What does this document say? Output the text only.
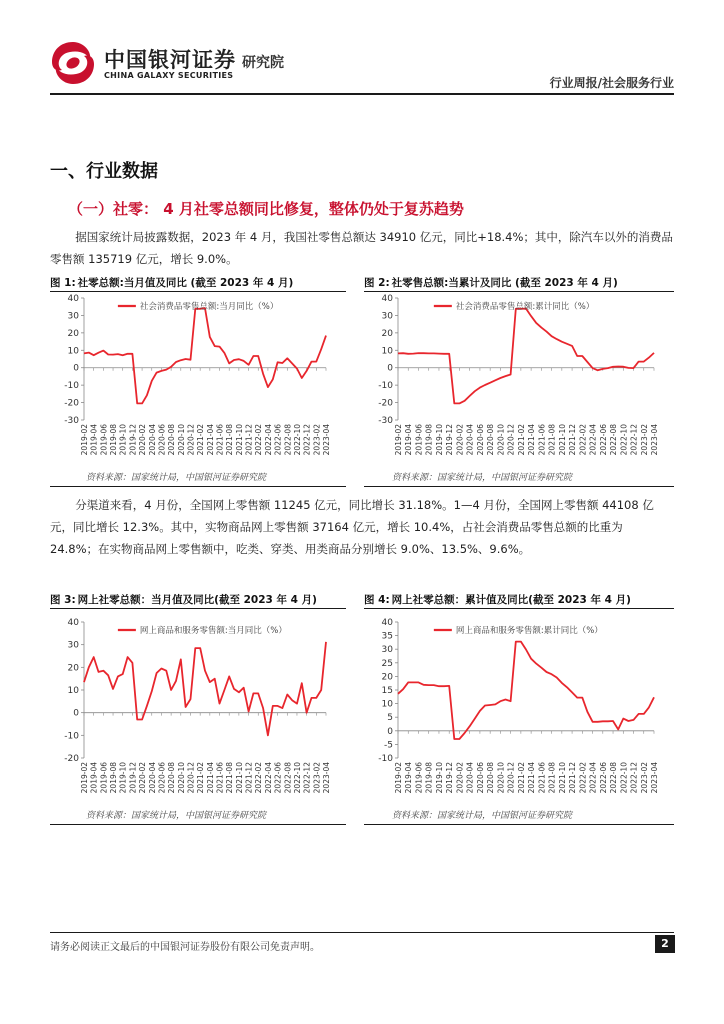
中国银河证券
CHINA GALAXY SECURITIES
研究院
行业周报/社会服务行业
一、行业数据
（一）社零： 4 月社零总额同比修复，整体仍处于复苏趋势

据国家统计局披露数据，2023 年 4 月，我国社零售总额达 34910 亿元，同比+18.4%；其中，除汽车以外的消费品零售额 135719 亿元，增长 9.0%。

图 1: 社零总额:当月值及同比 (截至 2023 年 4 月)
-30
-20
-10
0
10
20
30
40
2019-02 2019-04 2019-06 2019-08 2019-10 2019-12 2020-02 2020-04 2020-06 2020-08 2020-10 2020-12 2021-02 2021-04 2021-06 2021-08 2021-10 2021-12 2022-02 2022-04 2022-06 2022-08 2022-10 2022-12 2023-02 2023-04
社会消费品零售总额:当月同比（%）
资料来源：国家统计局，中国银河证券研究院
图 2: 社零售总额:当累计及同比 (截至 2023 年 4 月)
-30
-20
-10
0
10
20
30
40
2019-02 2019-04 2019-06 2019-08 2019-10 2019-12 2020-02 2020-04 2020-06 2020-08 2020-10 2020-12 2021-02 2021-04 2021-06 2021-08 2021-10 2021-12 2022-02 2022-04 2022-06 2022-08 2022-10 2022-12 2023-02 2023-04
社会消费品零售总额:累计同比（%）
资料来源：国家统计局，中国银河证券研究院

分渠道来看，4 月份，全国网上零售额 11245 亿元，同比增长 31.18%。1—4 月份，全国网上零售额 44108 亿元，同比增长 12.3%。其中，实物商品网上零售额 37164 亿元，增长 10.4%，占社会消费品零售总额的比重为 24.8%；在实物商品网上零售额中，吃类、穿类、用类商品分别增长 9.0%、13.5%、9.6%。

图 3: 网上社零总额：当月值及同比(截至 2023 年 4 月)
-20
-10
0
10
20
30
40
2019-02 2019-04 2019-06 2019-08 2019-10 2019-12 2020-02 2020-04 2020-06 2020-08 2020-10 2020-12 2021-02 2021-04 2021-06 2021-08 2021-10 2021-12 2022-02 2022-04 2022-06 2022-08 2022-10 2022-12 2023-02 2023-04
网上商品和服务零售额:当月同比（%）
资料来源：国家统计局，中国银河证券研究院
图 4: 网上社零总额：累计值及同比(截至 2023 年 4 月)
-10
-5
0
5
10
15
20
25
30
35
40
2019-02 2019-04 2019-06 2019-08 2019-10 2019-12 2020-02 2020-04 2020-06 2020-08 2020-10 2020-12 2021-02 2021-04 2021-06 2021-08 2021-10 2021-12 2022-02 2022-04 2022-06 2022-08 2022-10 2022-12 2023-02 2023-04
网上商品和服务零售额:累计同比（%）
资料来源：国家统计局，中国银河证券研究院
请务必阅读正文最后的中国银河证券股份有限公司免责声明。	2
